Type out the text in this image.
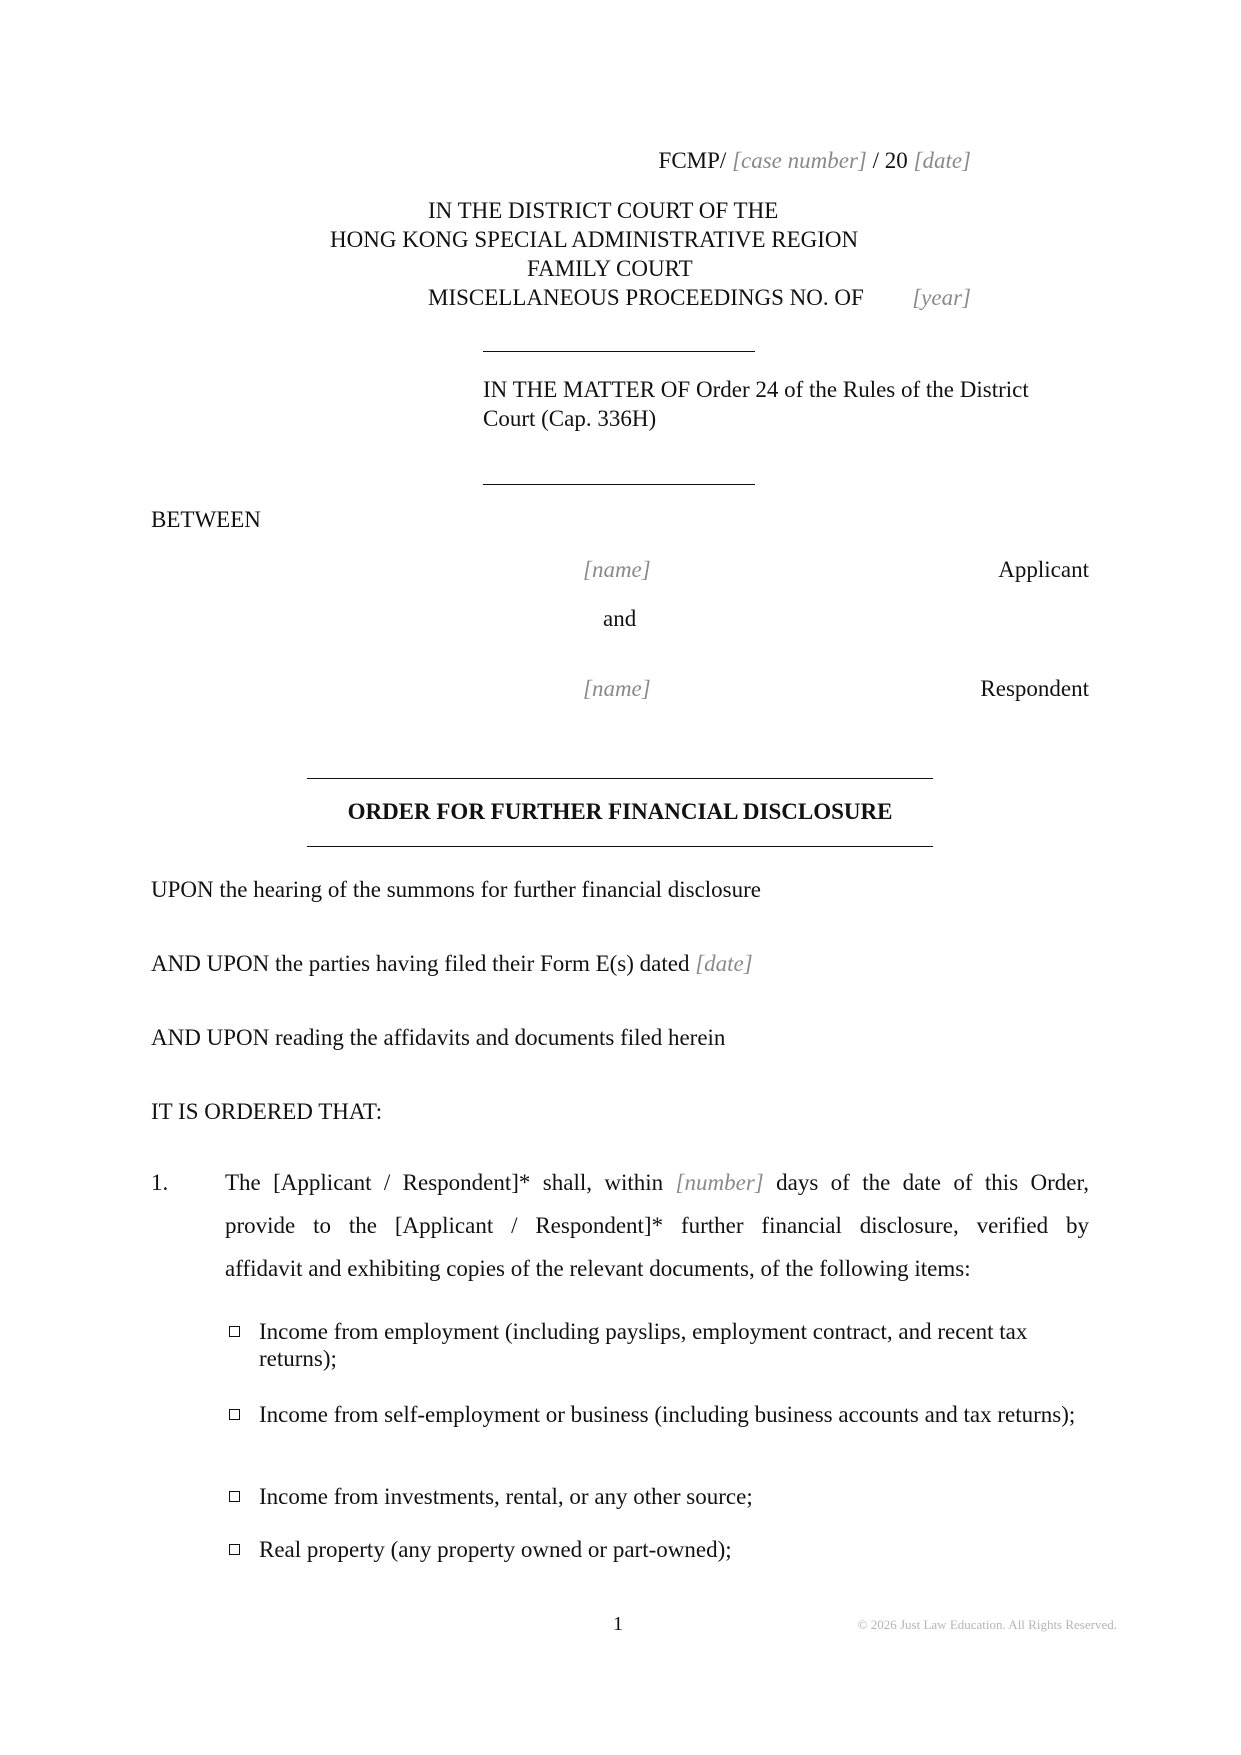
FCMP/ [case number] / 20 [date]
IN THE DISTRICT COURT OF THE
HONG KONG SPECIAL ADMINISTRATIVE REGION
FAMILY COURT
MISCELLANEOUS PROCEEDINGS NO. OF [year]
IN THE MATTER OF Order 24 of the Rules of the District
Court (Cap. 336H)
BETWEEN
[name]	Applicant
and
[name]	Respondent
ORDER FOR FURTHER FINANCIAL DISCLOSURE
UPON the hearing of the summons for further financial disclosure
AND UPON the parties having filed their Form E(s) dated [date]
AND UPON reading the affidavits and documents filed herein
IT IS ORDERED THAT:
1. The [Applicant / Respondent]* shall, within [number] days of the date of this Order,
provide to the [Applicant / Respondent]* further financial disclosure, verified by
affidavit and exhibiting copies of the relevant documents, of the following items:
Income from employment (including payslips, employment contract, and recent tax returns);
Income from self-employment or business (including business accounts and tax returns);
Income from investments, rental, or any other source;
Real property (any property owned or part-owned);
1	© 2026 Just Law Education. All Rights Reserved.
